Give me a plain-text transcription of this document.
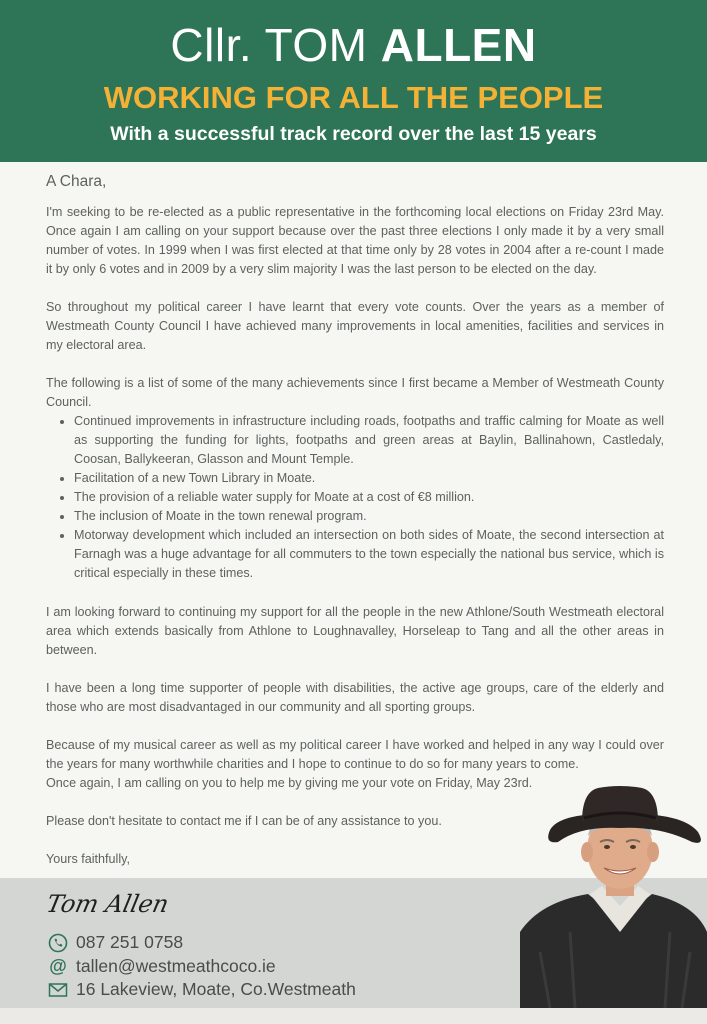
Cllr. TOM ALLEN
WORKING FOR ALL THE PEOPLE
With a successful track record over the last 15 years
A Chara,

I'm seeking to be re-elected as a public representative in the forthcoming local elections on Friday 23rd May. Once again I am calling on your support because over the past three elections I only made it by a very small number of votes. In 1999 when I was first elected at that time only by 28 votes in 2004 after a re-count I made it by only 6 votes and in 2009 by a very slim majority I was the last person to be elected on the day.

So throughout my political career I have learnt that every vote counts. Over the years as a member of Westmeath County Council I have achieved many improvements in local amenities, facilities and services in my electoral area.

The following is a list of some of the many achievements since I first became a Member of Westmeath County Council.

• Continued improvements in infrastructure including roads, footpaths and traffic calming for Moate as well as supporting the funding for lights, footpaths and green areas at Baylin, Ballinahown, Castledaly, Coosan, Ballykeeran, Glasson and Mount Temple.
• Facilitation of a new Town Library in Moate.
• The provision of a reliable water supply for Moate at a cost of €8 million.
• The inclusion of Moate in the town renewal program.
• Motorway development which included an intersection on both sides of Moate, the second intersection at Farnagh was a huge advantage for all commuters to the town especially the national bus service, which is critical especially in these times.

I am looking forward to continuing my support for all the people in the new Athlone/South Westmeath electoral area which extends basically from Athlone to Loughnavalley, Horseleap to Tang and all the other areas in between.

I have been a long time supporter of people with disabilities, the active age groups, care of the elderly and those who are most disadvantaged in our community and all sporting groups.

Because of my musical career as well as my political career I have worked and helped in any way I could over the years for many worthwhile charities and I hope to continue to do so for many years to come.

Once again, I am calling on you to help me by giving me your vote on Friday, May 23rd.

Please don't hesitate to contact me if I can be of any assistance to you.

Yours faithfully,

Tom Allen
087 251 0758
@ tallen@westmeathcoco.ie
16 Lakeview, Moate, Co.Westmeath
